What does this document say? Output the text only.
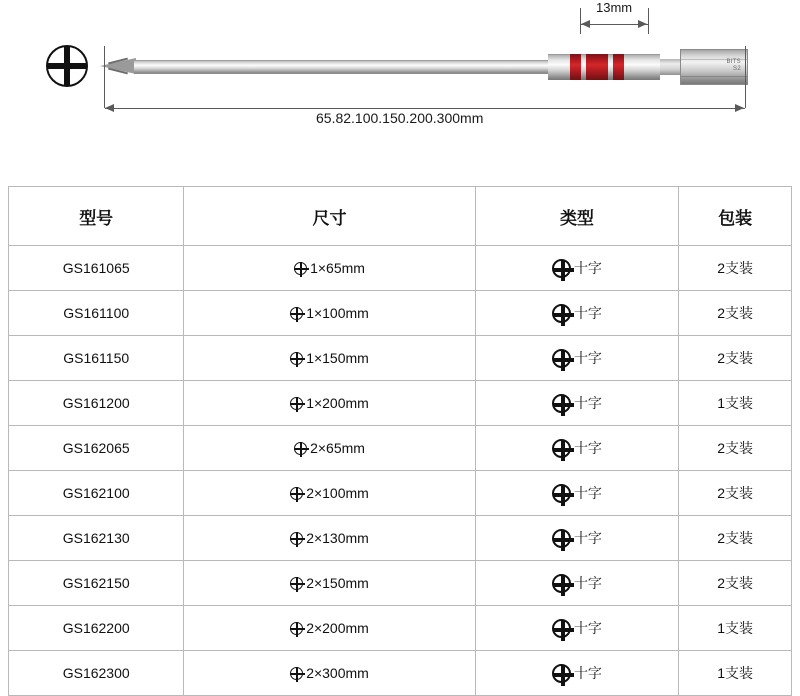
BITS
S2
13mm
65.82.100.150.200.300mm
型号	尺寸	类型	包装
GS161065	1×65mm	十字	2支装
GS161100	1×100mm	十字	2支装
GS161150	1×150mm	十字	2支装
GS161200	1×200mm	十字	1支装
GS162065	2×65mm	十字	2支装
GS162100	2×100mm	十字	2支装
GS162130	2×130mm	十字	2支装
GS162150	2×150mm	十字	2支装
GS162200	2×200mm	十字	1支装
GS162300	2×300mm	十字	1支装
